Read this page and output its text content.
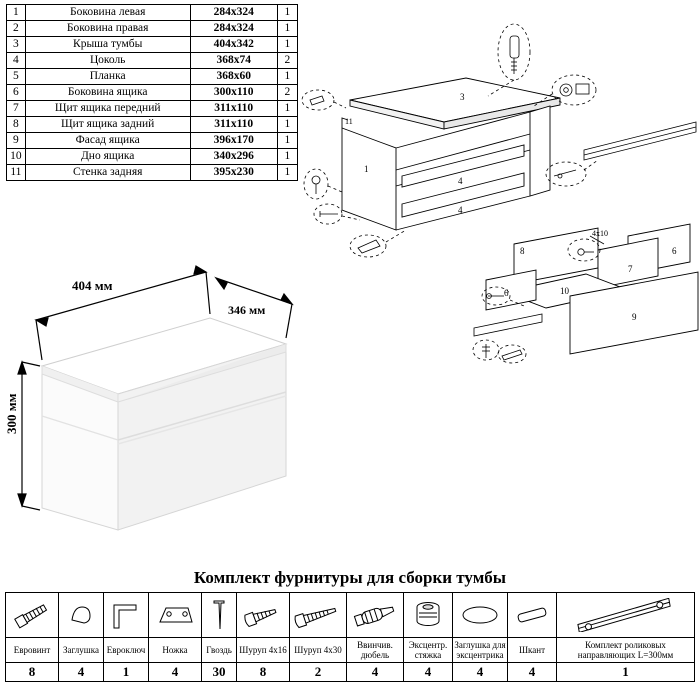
1	Боковина левая	284х324	1
2	Боковина правая	284х324	1
3	Крыша тумбы	404х342	1
4	Цоколь	368х74	2
5	Планка	368х60	1
6	Боковина ящика	300х110	2
7	Щит ящика передний	311х110	1
8	Щит ящика задний	311х110	1
9	Фасад ящика	396х170	1
10	Дно ящика	340х296	1
11	Стенка задняя	395х230	1
3
1
11
4
4
8	6
7
10
6
9
4x10
404 мм
346 мм
300 мм
Комплект фурнитуры для сборки тумбы

Евровинт	Заглушка	Евроключ	Ножка	Гвоздь	Шуруп 4х16	Шуруп 4х30	Ввинчив. дюбель	Эксцентр. стяжка	Заглушка для эксцентрика	Шкант	Комплект роликовых направляющих L=300мм
8	4	1	4	30	8	2	4	4	4	4	1
